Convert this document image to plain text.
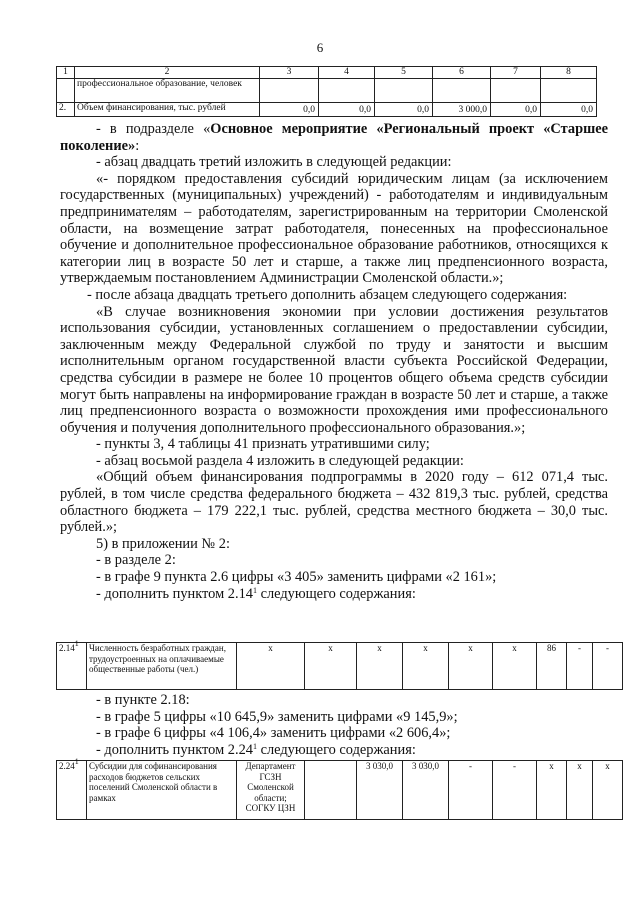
6
1	2	3	4	5	6	7	8
	профессиональное образование, человек						
2.	Объем финансирования, тыс. рублей	0,0	0,0	0,0	3 000,0	0,0	0,0

- в подразделе «Основное мероприятие «Региональный проект «Старшее поколение»:

- абзац двадцать третий изложить в следующей редакции:

«- порядком предоставления субсидий юридическим лицам (за исключением государственных (муниципальных) учреждений) - работодателям и индивидуальным предпринимателям – работодателям, зарегистрированным на территории Смоленской области, на возмещение затрат работодателя, понесенных на профессиональное обучение и дополнительное профессиональное образование работников, относящихся к категории лиц в возрасте 50 лет и старше, а также лиц предпенсионного возраста, утверждаемым постановлением Администрации Смоленской области.»;

- после абзаца двадцать третьего дополнить абзацем следующего содержания:

«В случае возникновения экономии при условии достижения результатов использования субсидии, установленных соглашением о предоставлении субсидии, заключенным между Федеральной службой по труду и занятости и высшим исполнительным органом государственной власти субъекта Российской Федерации, средства субсидии в размере не более 10 процентов общего объема средств субсидии могут быть направлены на информирование граждан в возрасте 50 лет и старше, а также лиц предпенсионного возраста о возможности прохождения ими профессионального обучения и получения дополнительного профессионального образования.»;

- пункты 3, 4 таблицы 41 признать утратившими силу;

- абзац восьмой раздела 4 изложить в следующей редакции:

«Общий объем финансирования подпрограммы в 2020 году – 612 071,4 тыс. рублей, в том числе средства федерального бюджета – 432 819,3 тыс. рублей, средства областного бюджета – 179 222,1 тыс. рублей, средства местного бюджета – 30,0 тыс. рублей.»;

5) в приложении № 2:

- в разделе 2:

- в графе 9 пункта 2.6 цифры «3 405» заменить цифрами «2 161»;

- дополнить пунктом 2.14$^1$ следующего содержания:

2.14$^1$	Численность безработных граждан, трудоустроенных на оплачиваемые общественные работы (чел.)	х	х	х	х	х	х	86	-	-

- в пункте 2.18:

- в графе 5 цифры «10 645,9» заменить цифрами «9 145,9»;

- в графе 6 цифры «4 106,4» заменить цифрами «2 606,4»;

- дополнить пунктом 2.24$^1$ следующего содержания:

2.24$^1$	Субсидии для софинансирования расходов бюджетов сельских поселений Смоленской области в рамках	Департамент ГСЗН Смоленской области; СОГКУ ЦЗН		3 030,0	3 030,0	-	-	х	х	х
